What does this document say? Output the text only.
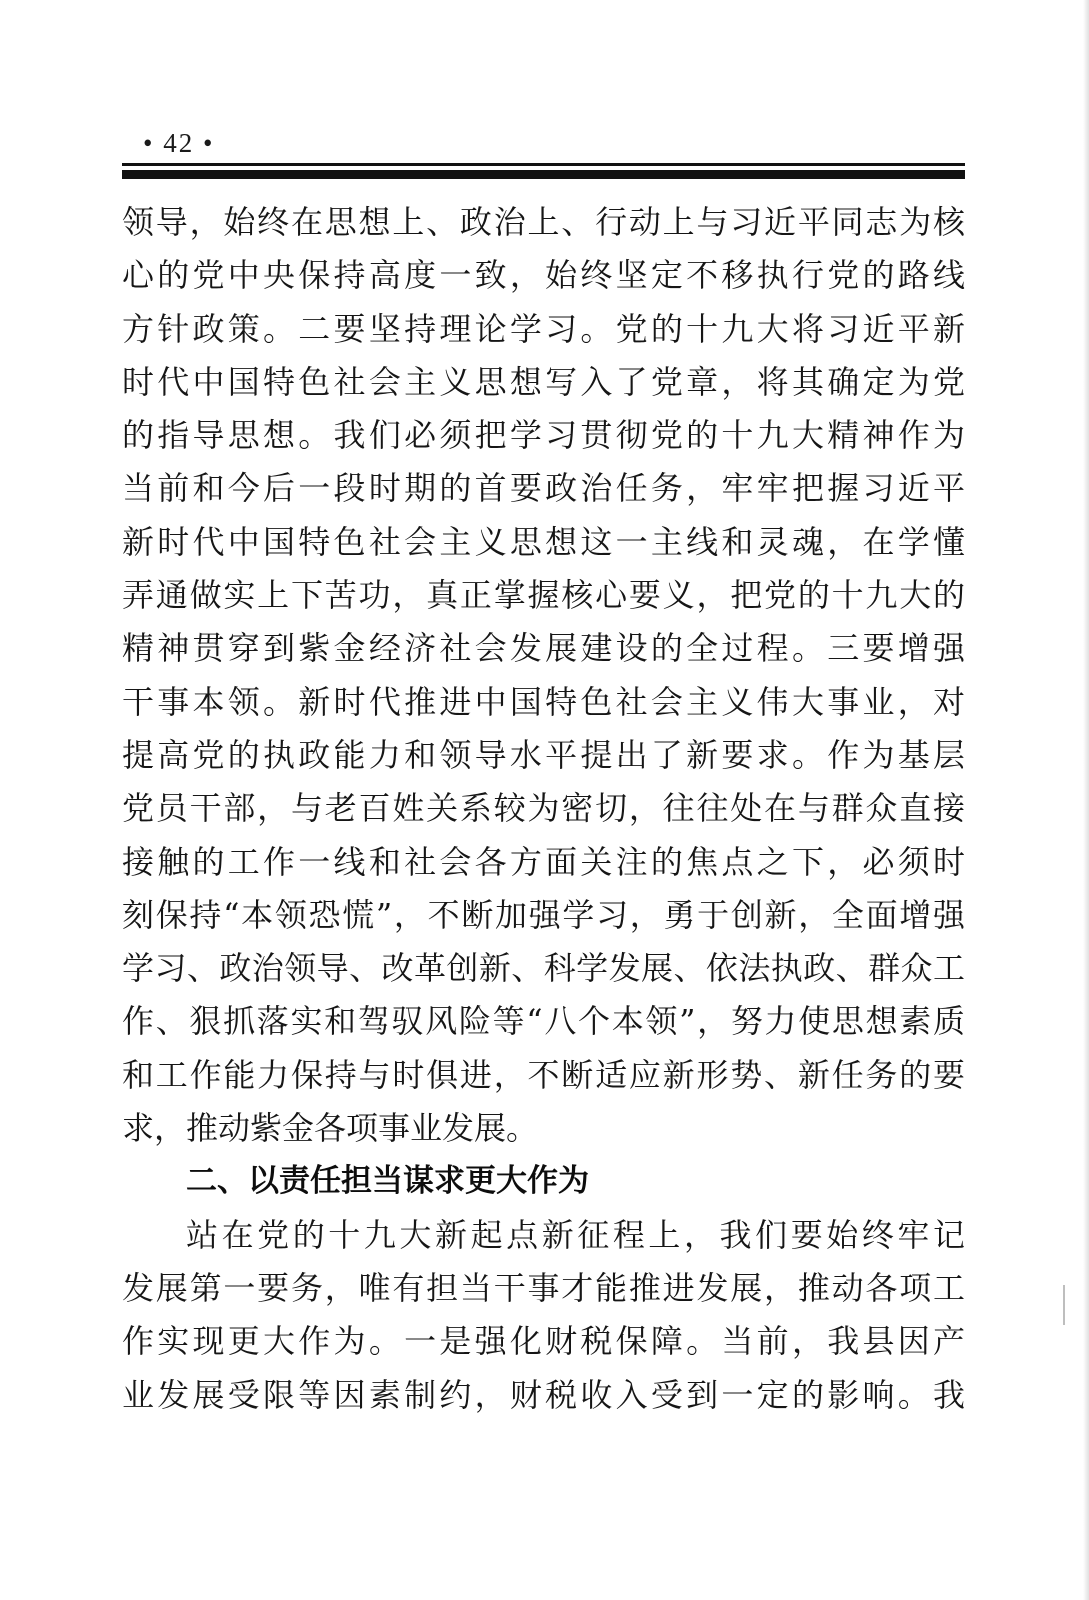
• 42 •
领导，始终在思想上、政治上、行动上与习近平同志为核
心的党中央保持高度一致，始终坚定不移执行党的路线
方针政策。二要坚持理论学习。党的十九大将习近平新
时代中国特色社会主义思想写入了党章，将其确定为党
的指导思想。我们必须把学习贯彻党的十九大精神作为
当前和今后一段时期的首要政治任务，牢牢把握习近平
新时代中国特色社会主义思想这一主线和灵魂，在学懂
弄通做实上下苦功，真正掌握核心要义，把党的十九大的
精神贯穿到紫金经济社会发展建设的全过程。三要增强
干事本领。新时代推进中国特色社会主义伟大事业，对
提高党的执政能力和领导水平提出了新要求。作为基层
党员干部，与老百姓关系较为密切，往往处在与群众直接
接触的工作一线和社会各方面关注的焦点之下，必须时
刻保持“本领恐慌”，不断加强学习，勇于创新，全面增强
学习、政治领导、改革创新、科学发展、依法执政、群众工
作、狠抓落实和驾驭风险等“八个本领”，努力使思想素质
和工作能力保持与时俱进，不断适应新形势、新任务的要
求，推动紫金各项事业发展。
二、以责任担当谋求更大作为
站在党的十九大新起点新征程上，我们要始终牢记
发展第一要务，唯有担当干事才能推进发展，推动各项工
作实现更大作为。一是强化财税保障。当前，我县因产
业发展受限等因素制约，财税收入受到一定的影响。我
